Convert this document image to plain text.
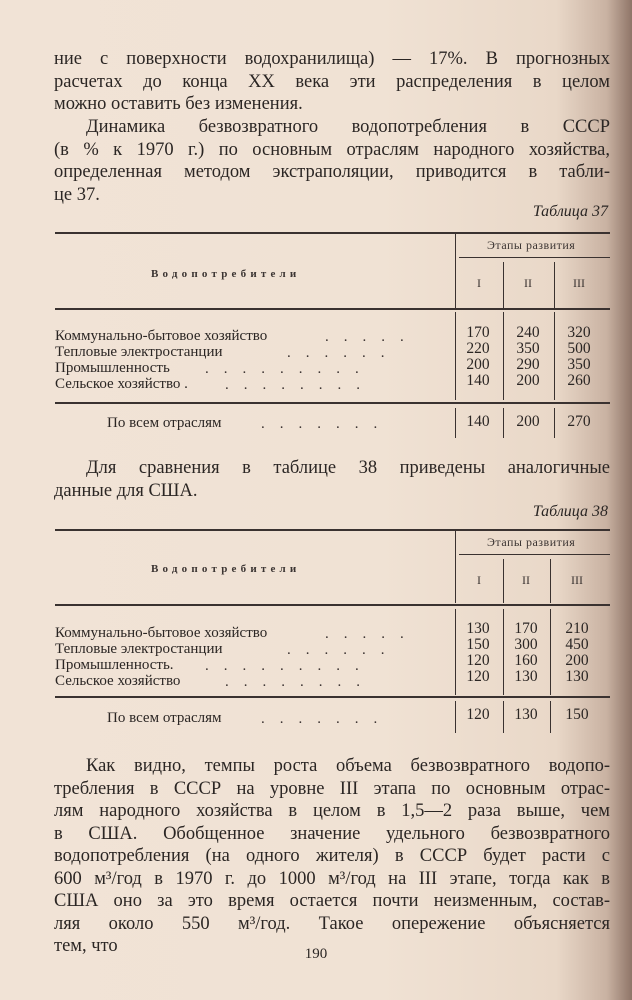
ние с поверхности водохранилища) — 17%. В прогнозных
расчетах до конца XX века эти распределения в целом
можно оставить без изменения.
Динамика безвозвратного водопотребления в СССР
(в % к 1970 г.) по основным отраслям народного хозяйства,
определенная методом экстраполяции, приводится в табли-
це 37.
Таблица 37
Водопотребители
Этапы развития
I	II	III
Коммунально-бытовое хозяйство	.....	170	240	320
Тепловые электростанции	......	220	350	500
Промышленность .........	200	290	350
Сельское хозяйство . ........	140	200	260
По всем отраслям	.......	140	200	270
Для сравнения в таблице 38 приведены аналогичные
данные для США.
Таблица 38
Водопотребители
Этапы развития
I	II	III
Коммунально-бытовое хозяйство	.....	130	170	210
Тепловые электростанции	......	150	300	450
Промышленность. .........	120	160	200
Сельское хозяйство	........	120	130	130
По всем отраслям	.......	120	130	150
Как видно, темпы роста объема безвозвратного водопо-
требления в СССР на уровне III этапа по основным отрас-
лям народного хозяйства в целом в 1,5—2 раза выше, чем
в США. Обобщенное значение удельного безвозвратного
водопотребления (на одного жителя) в СССР будет расти с
600 м³/год в 1970 г. до 1000 м³/год на III этапе, тогда как в
США оно за это время остается почти неизменным, состав-
ляя около 550 м³/год. Такое опережение объясняется
тем, что	190
